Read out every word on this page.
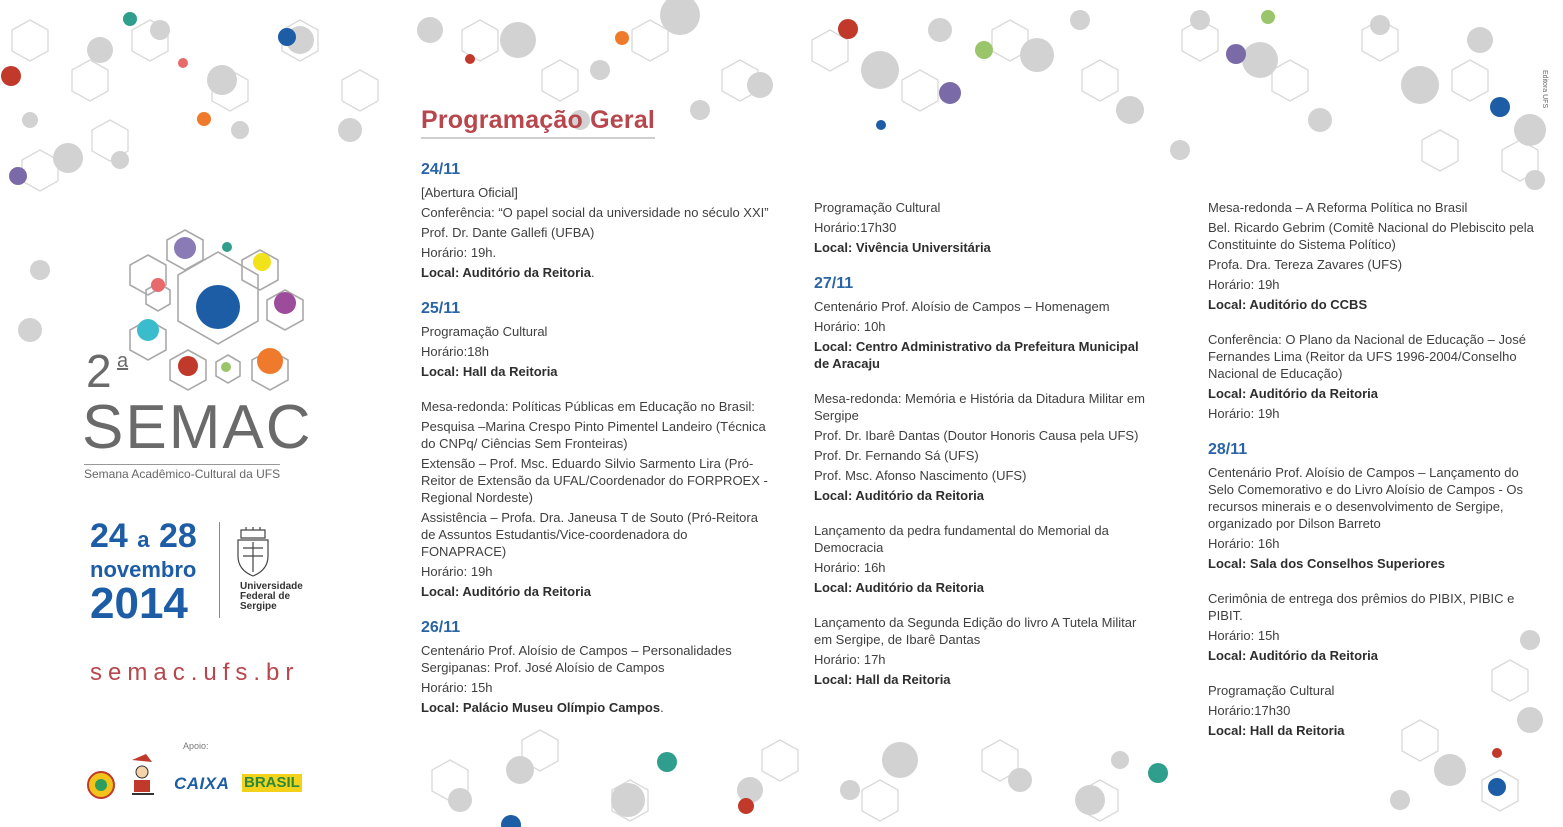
2 a
SEMAC
Semana Acadêmico-Cultural da UFS
24 a 28
novembro
2014	Universidade
Federal de
Sergipe
semac.ufs.br
Apoio:
CAIXA BRASIL
Editora UFS
Programação Geral
24/11
[Abertura Oficial]
Conferência: “O papel social da universidade no século XXI”
Prof. Dr. Dante Gallefi (UFBA)
Horário: 19h.
Local: Auditório da Reitoria.
25/11
Programação Cultural
Horário:18h
Local: Hall da Reitoria
Mesa-redonda: Políticas Públicas em Educação no Brasil:
Pesquisa –Marina Crespo Pinto Pimentel Landeiro (Técnica do CNPq/ Ciências Sem Fronteiras)
Extensão – Prof. Msc. Eduardo Silvio Sarmento Lira (Pró-Reitor de Extensão da UFAL/Coordenador do FORPROEX - Regional Nordeste)
Assistência – Profa. Dra. Janeusa T de Souto (Pró-Reitora de Assuntos Estudantis/Vice-coordenadora do FONAPRACE)
Horário: 19h
Local: Auditório da Reitoria
26/11
Centenário Prof. Aloísio de Campos – Personalidades Sergipanas: Prof. José Aloísio de Campos
Horário: 15h
Local: Palácio Museu Olímpio Campos.
Programação Cultural
Horário:17h30
Local: Vivência Universitária
27/11
Centenário Prof. Aloísio de Campos – Homenagem
Horário: 10h
Local: Centro Administrativo da Prefeitura Municipal de Aracaju
Mesa-redonda: Memória e História da Ditadura Militar em Sergipe
Prof. Dr. Ibarê Dantas (Doutor Honoris Causa pela UFS)
Prof. Dr. Fernando Sá (UFS)
Prof. Msc. Afonso Nascimento (UFS)
Local: Auditório da Reitoria
Lançamento da pedra fundamental do Memorial da Democracia
Horário: 16h
Local: Auditório da Reitoria
Lançamento da Segunda Edição do livro A Tutela Militar em Sergipe, de Ibarê Dantas
Horário: 17h
Local: Hall da Reitoria
Mesa-redonda – A Reforma Política no Brasil
Bel. Ricardo Gebrim (Comitê Nacional do Plebiscito pela Constituinte do Sistema Político)
Profa. Dra. Tereza Zavares (UFS)
Horário: 19h
Local: Auditório do CCBS
Conferência: O Plano da Nacional de Educação – José Fernandes Lima (Reitor da UFS 1996-2004/Conselho Nacional de Educação)
Local: Auditório da Reitoria
Horário: 19h
28/11
Centenário Prof. Aloísio de Campos – Lançamento do Selo Comemorativo e do Livro Aloísio de Campos - Os recursos minerais e o desenvolvimento de Sergipe, organizado por Dilson Barreto
Horário: 16h
Local: Sala dos Conselhos Superiores
Cerimônia de entrega dos prêmios do PIBIX, PIBIC e PIBIT.
Horário: 15h
Local: Auditório da Reitoria
Programação Cultural
Horário:17h30
Local: Hall da Reitoria
